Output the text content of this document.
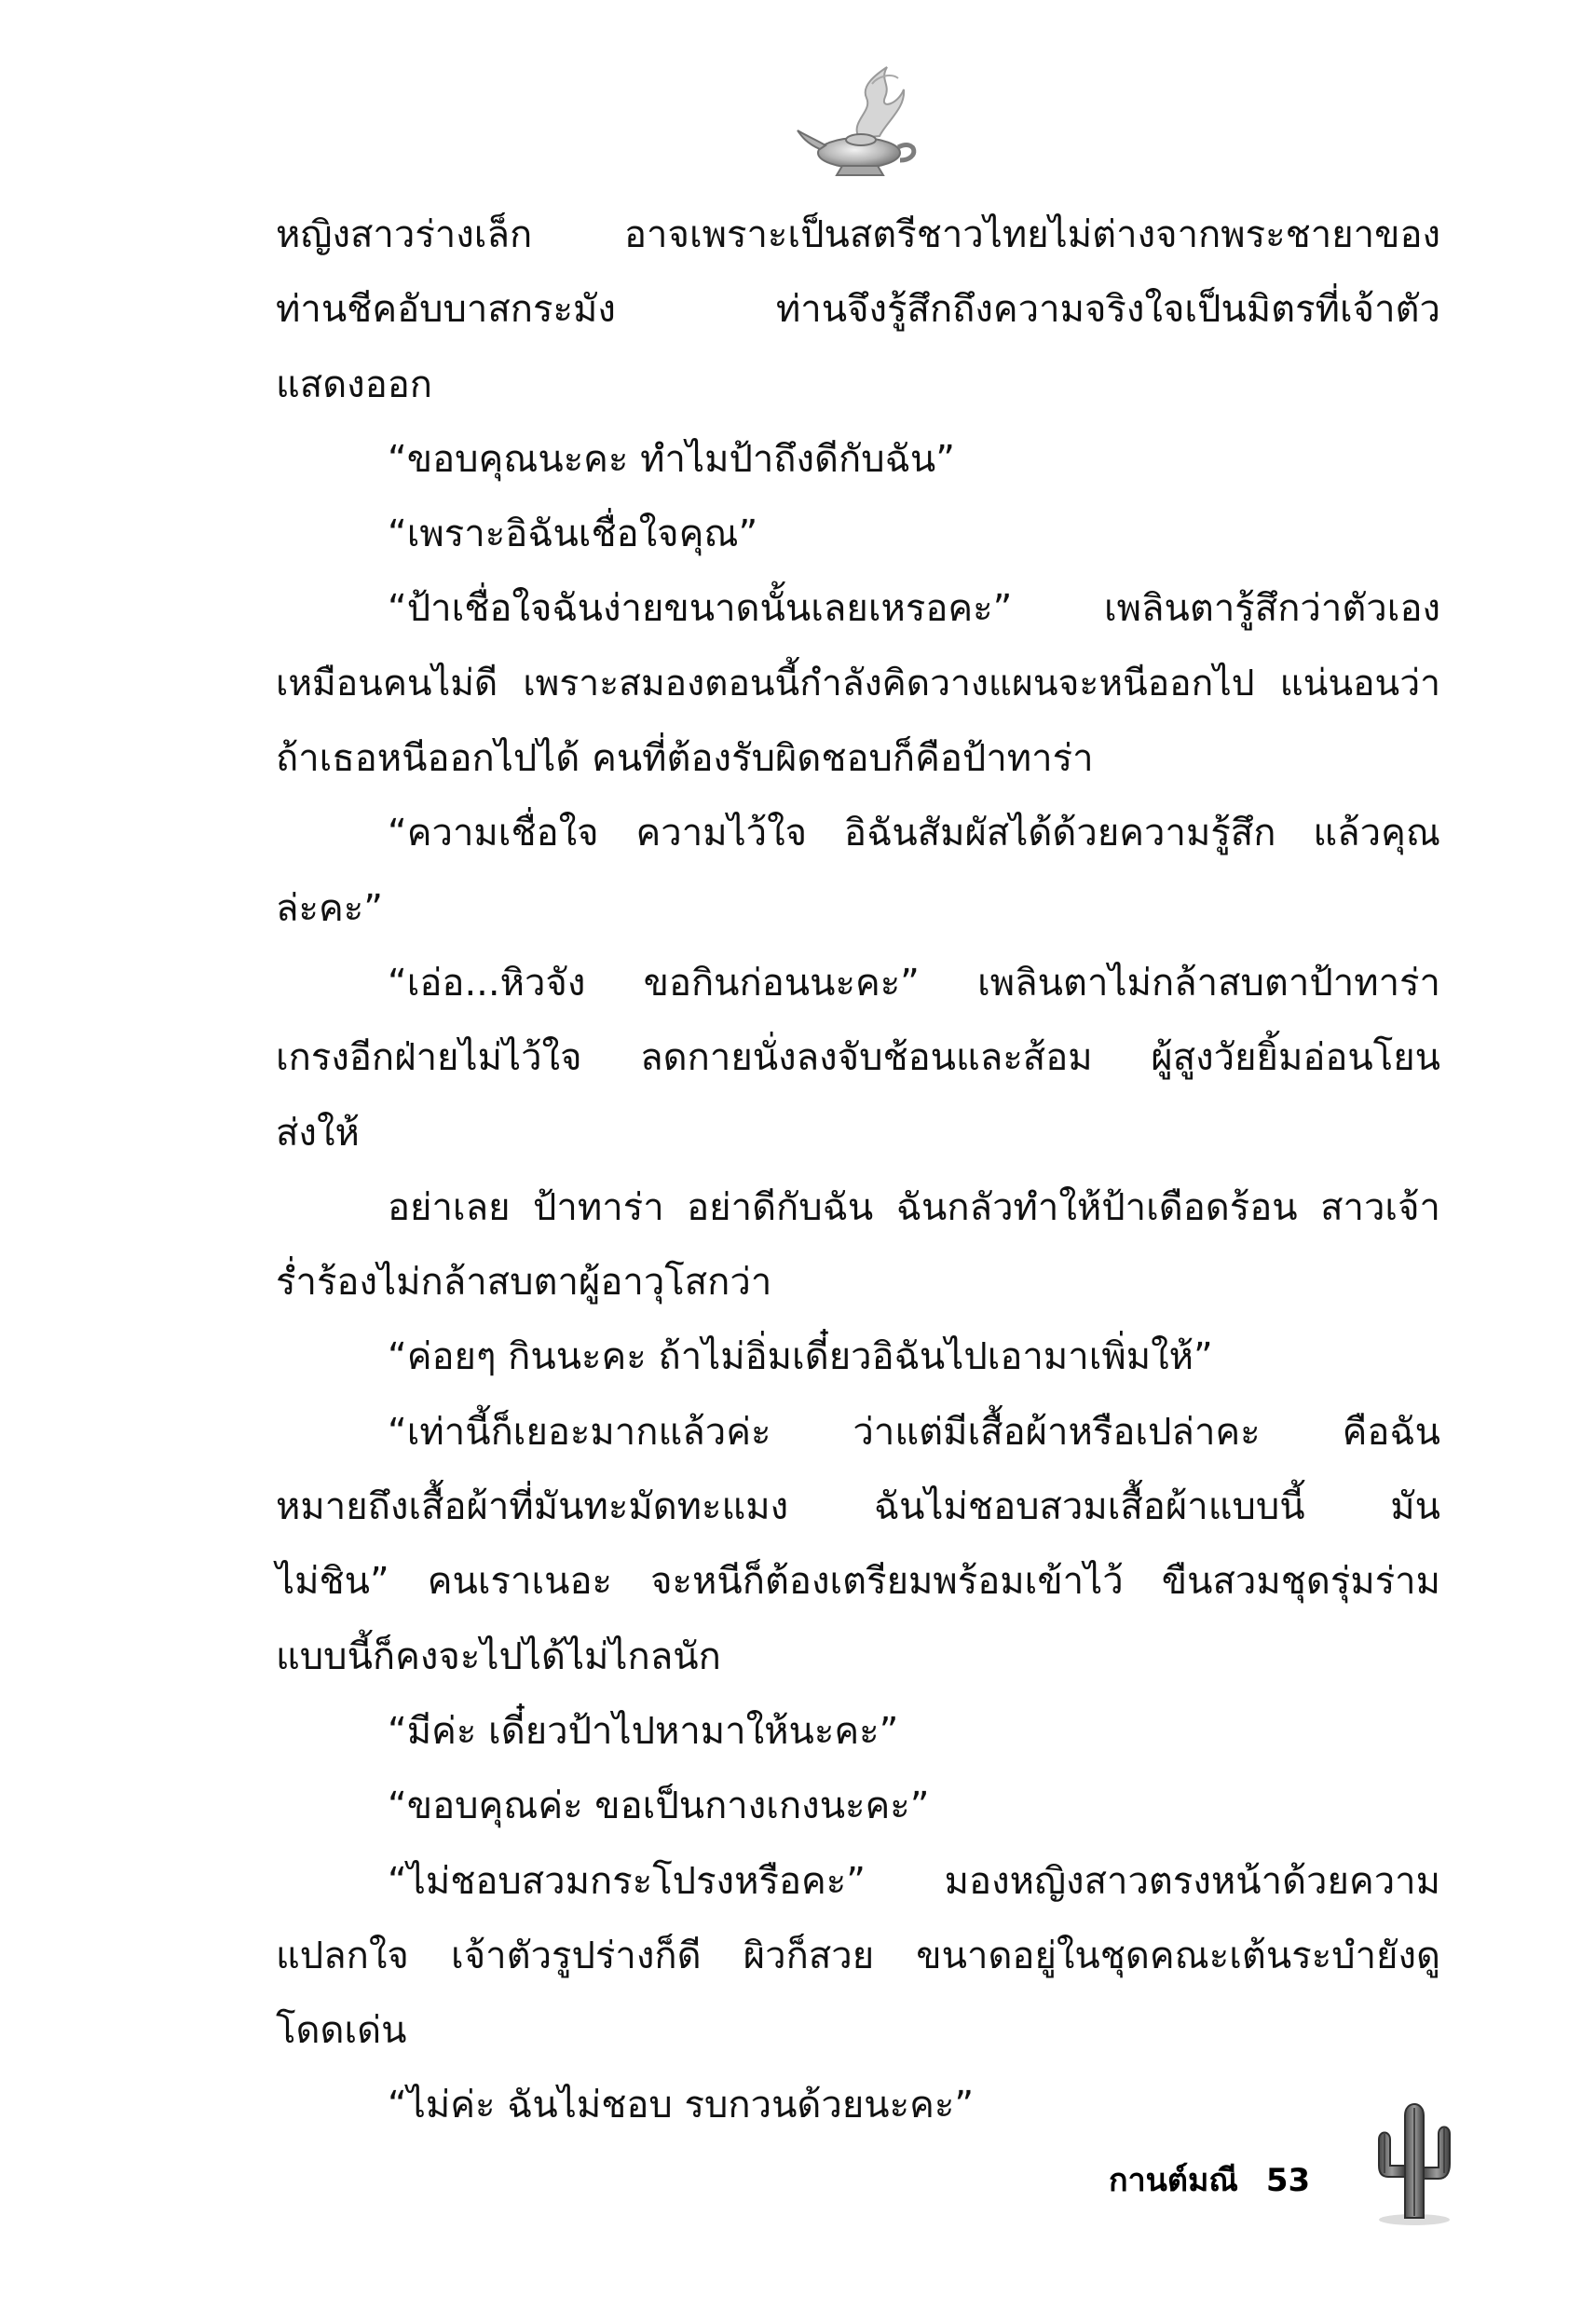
หญิงสาวร่างเล็ก อาจเพราะเป็นสตรีชาวไทยไม่ต่างจากพระชายาของ
ท่านชีคอับบาสกระมัง ท่านจึงรู้สึกถึงความจริงใจเป็นมิตรที่เจ้าตัว
แสดงออก
“ขอบคุณนะคะ ทำไมป้าถึงดีกับฉัน”
“เพราะอิฉันเชื่อใจคุณ”
“ป้าเชื่อใจฉันง่ายขนาดนั้นเลยเหรอคะ” เพลินตารู้สึกว่าตัวเอง
เหมือนคนไม่ดี เพราะสมองตอนนี้กำลังคิดวางแผนจะหนีออกไป แน่นอนว่า
ถ้าเธอหนีออกไปได้ คนที่ต้องรับผิดชอบก็คือป้าทาร่า
“ความเชื่อใจ ความไว้ใจ อิฉันสัมผัสได้ด้วยความรู้สึก แล้วคุณ
ล่ะคะ”
“เอ่อ...หิวจัง ขอกินก่อนนะคะ” เพลินตาไม่กล้าสบตาป้าทาร่า
เกรงอีกฝ่ายไม่ไว้ใจ ลดกายนั่งลงจับช้อนและส้อม ผู้สูงวัยยิ้มอ่อนโยน
ส่งให้
อย่าเลย ป้าทาร่า อย่าดีกับฉัน ฉันกลัวทำให้ป้าเดือดร้อน สาวเจ้า
ร่ำร้องไม่กล้าสบตาผู้อาวุโสกว่า
“ค่อยๆ กินนะคะ ถ้าไม่อิ่มเดี๋ยวอิฉันไปเอามาเพิ่มให้”
“เท่านี้ก็เยอะมากแล้วค่ะ ว่าแต่มีเสื้อผ้าหรือเปล่าคะ คือฉัน
หมายถึงเสื้อผ้าที่มันทะมัดทะแมง ฉันไม่ชอบสวมเสื้อผ้าแบบนี้ มัน
ไม่ชิน” คนเราเนอะ จะหนีก็ต้องเตรียมพร้อมเข้าไว้ ขืนสวมชุดรุ่มร่าม
แบบนี้ก็คงจะไปได้ไม่ไกลนัก
“มีค่ะ เดี๋ยวป้าไปหามาให้นะคะ”
“ขอบคุณค่ะ ขอเป็นกางเกงนะคะ”
“ไม่ชอบสวมกระโปรงหรือคะ” มองหญิงสาวตรงหน้าด้วยความ
แปลกใจ เจ้าตัวรูปร่างก็ดี ผิวก็สวย ขนาดอยู่ในชุดคณะเต้นระบำยังดู
โดดเด่น
“ไม่ค่ะ ฉันไม่ชอบ รบกวนด้วยนะคะ”
กานต์มณี 53
